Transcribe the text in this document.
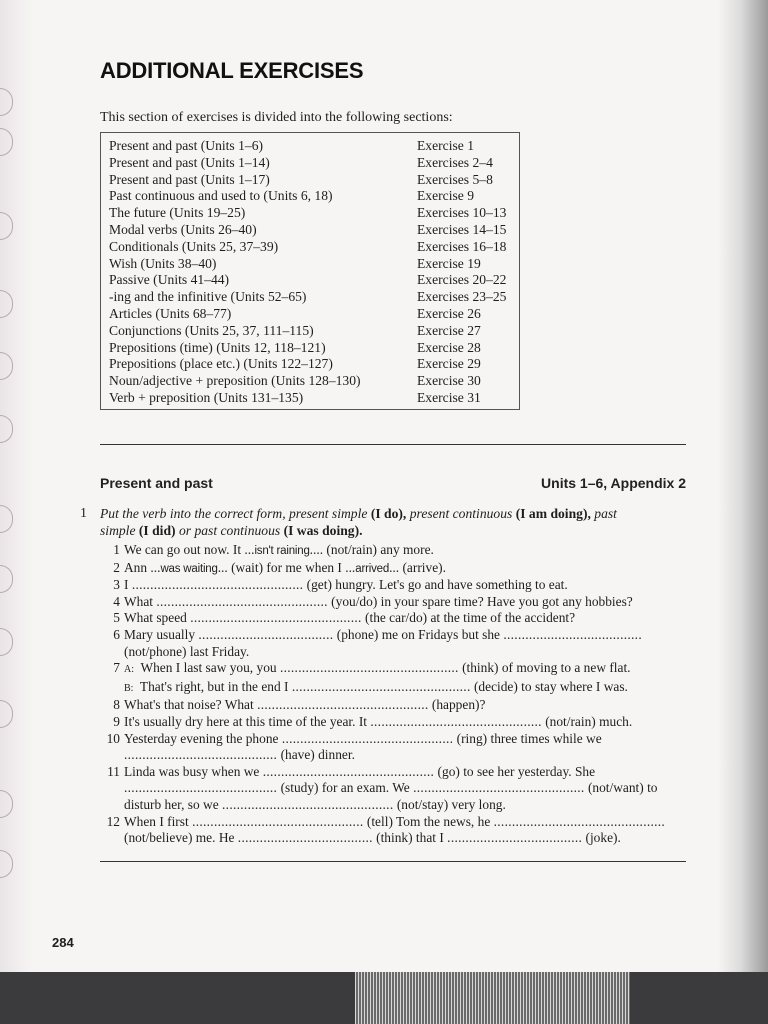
ADDITIONAL EXERCISES

This section of exercises is divided into the following sections:

Present and past (Units 1–6)	Exercise 1
Present and past (Units 1–14)	Exercises 2–4
Present and past (Units 1–17)	Exercises 5–8
Past continuous and used to (Units 6, 18)	Exercise 9
The future (Units 19–25)	Exercises 10–13
Modal verbs (Units 26–40)	Exercises 14–15
Conditionals (Units 25, 37–39)	Exercises 16–18
Wish (Units 38–40)	Exercise 19
Passive (Units 41–44)	Exercises 20–22
-ing and the infinitive (Units 52–65)	Exercises 23–25
Articles (Units 68–77)	Exercise 26
Conjunctions (Units 25, 37, 111–115)	Exercise 27
Prepositions (time) (Units 12, 118–121)	Exercise 28
Prepositions (place etc.) (Units 122–127)	Exercise 29
Noun/adjective + preposition (Units 128–130)	Exercise 30
Verb + preposition (Units 131–135)	Exercise 31
Present and past	Units 1–6, Appendix 2

1 Put the verb into the correct form, present simple (I do), present continuous (I am doing), past
simple (I did) or past continuous (I was doing).

1 We can go out now. It ...isn't raining.... (not/rain) any more.
2 Ann ...was waiting... (wait) for me when I ...arrived... (arrive).
3 I ............................................... (get) hungry. Let's go and have something to eat.
4 What ............................................... (you/do) in your spare time? Have you got any hobbies?
5 What speed ............................................... (the car/do) at the time of the accident?
6 Mary usually ..................................... (phone) me on Fridays but she ......................................
(not/phone) last Friday.
7 A: When I last saw you, you ................................................. (think) of moving to a new flat.
B: That's right, but in the end I ................................................. (decide) to stay where I was.
8 What's that noise? What ............................................... (happen)?
9 It's usually dry here at this time of the year. It ............................................... (not/rain) much.
10 Yesterday evening the phone ............................................... (ring) three times while we
.......................................... (have) dinner.
11 Linda was busy when we ............................................... (go) to see her yesterday. She
.......................................... (study) for an exam. We ............................................... (not/want) to
disturb her, so we ............................................... (not/stay) very long.
12 When I first ............................................... (tell) Tom the news, he ...............................................
(not/believe) me. He ..................................... (think) that I ..................................... (joke).

284
